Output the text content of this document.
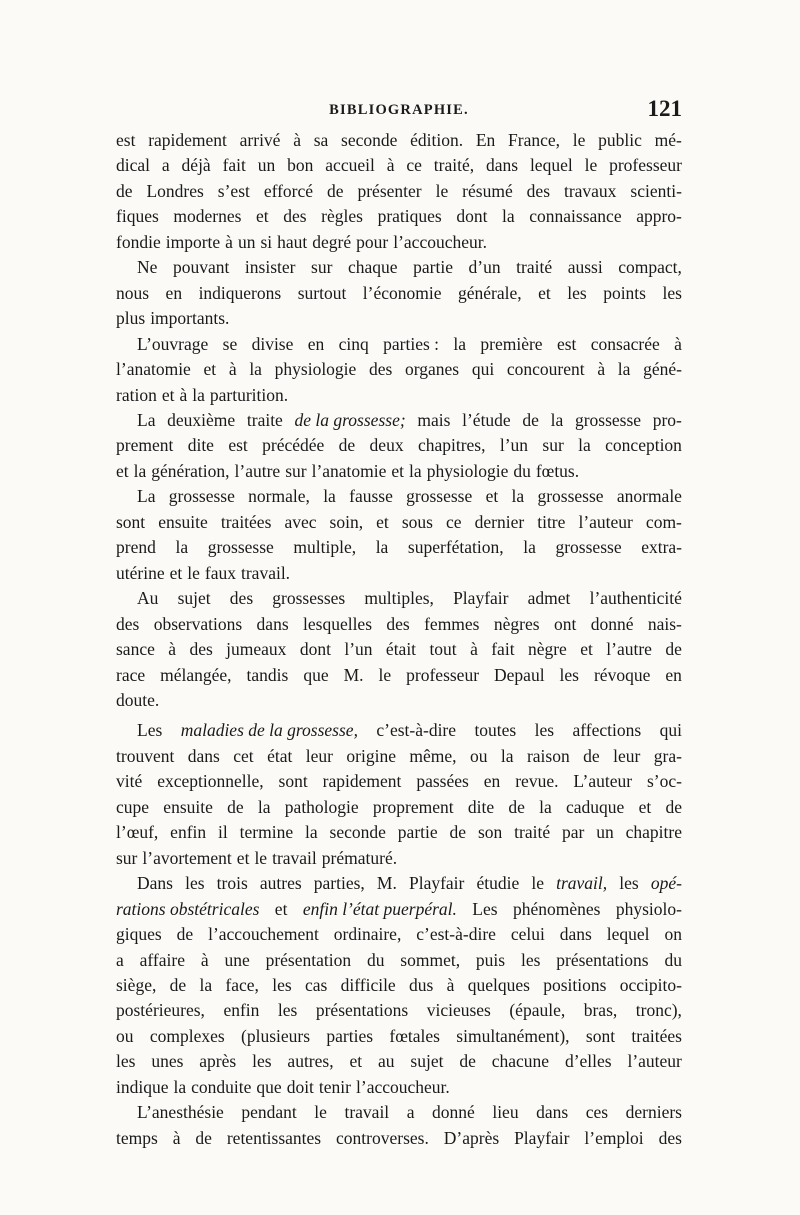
BIBLIOGRAPHIE.	121
est rapidement arrivé à sa seconde édition. En France, le public mé-
dical a déjà fait un bon accueil à ce traité, dans lequel le professeur
de Londres s’est efforcé de présenter le résumé des travaux scienti-
fiques modernes et des règles pratiques dont la connaissance appro-
fondie importe à un si haut degré pour l’accoucheur.
Ne pouvant insister sur chaque partie d’un traité aussi compact,
nous en indiquerons surtout l’économie générale, et les points les
plus importants.
L’ouvrage se divise en cinq parties : la première est consacrée à
l’anatomie et à la physiologie des organes qui concourent à la géné-
ration et à la parturition.
La deuxième traite de la grossesse; mais l’étude de la grossesse pro-
prement dite est précédée de deux chapitres, l’un sur la conception
et la génération, l’autre sur l’anatomie et la physiologie du fœtus.
La grossesse normale, la fausse grossesse et la grossesse anormale
sont ensuite traitées avec soin, et sous ce dernier titre l’auteur com-
prend la grossesse multiple, la superfétation, la grossesse extra-
utérine et le faux travail.
Au sujet des grossesses multiples, Playfair admet l’authenticité
des observations dans lesquelles des femmes nègres ont donné nais-
sance à des jumeaux dont l’un était tout à fait nègre et l’autre de
race mélangée, tandis que M. le professeur Depaul les révoque en
doute.
Les maladies de la grossesse, c’est-à-dire toutes les affections qui
trouvent dans cet état leur origine même, ou la raison de leur gra-
vité exceptionnelle, sont rapidement passées en revue. L’auteur s’oc-
cupe ensuite de la pathologie proprement dite de la caduque et de
l’œuf, enfin il termine la seconde partie de son traité par un chapitre
sur l’avortement et le travail prématuré.
Dans les trois autres parties, M. Playfair étudie le travail, les opé-
rations obstétricales et enfin l’état puerpéral. Les phénomènes physiolo-
giques de l’accouchement ordinaire, c’est-à-dire celui dans lequel on
a affaire à une présentation du sommet, puis les présentations du
siège, de la face, les cas difficile dus à quelques positions occipito-
postérieures, enfin les présentations vicieuses (épaule, bras, tronc),
ou complexes (plusieurs parties fœtales simultanément), sont traitées
les unes après les autres, et au sujet de chacune d’elles l’auteur
indique la conduite que doit tenir l’accoucheur.
L’anesthésie pendant le travail a donné lieu dans ces derniers
temps à de retentissantes controverses. D’après Playfair l’emploi des
